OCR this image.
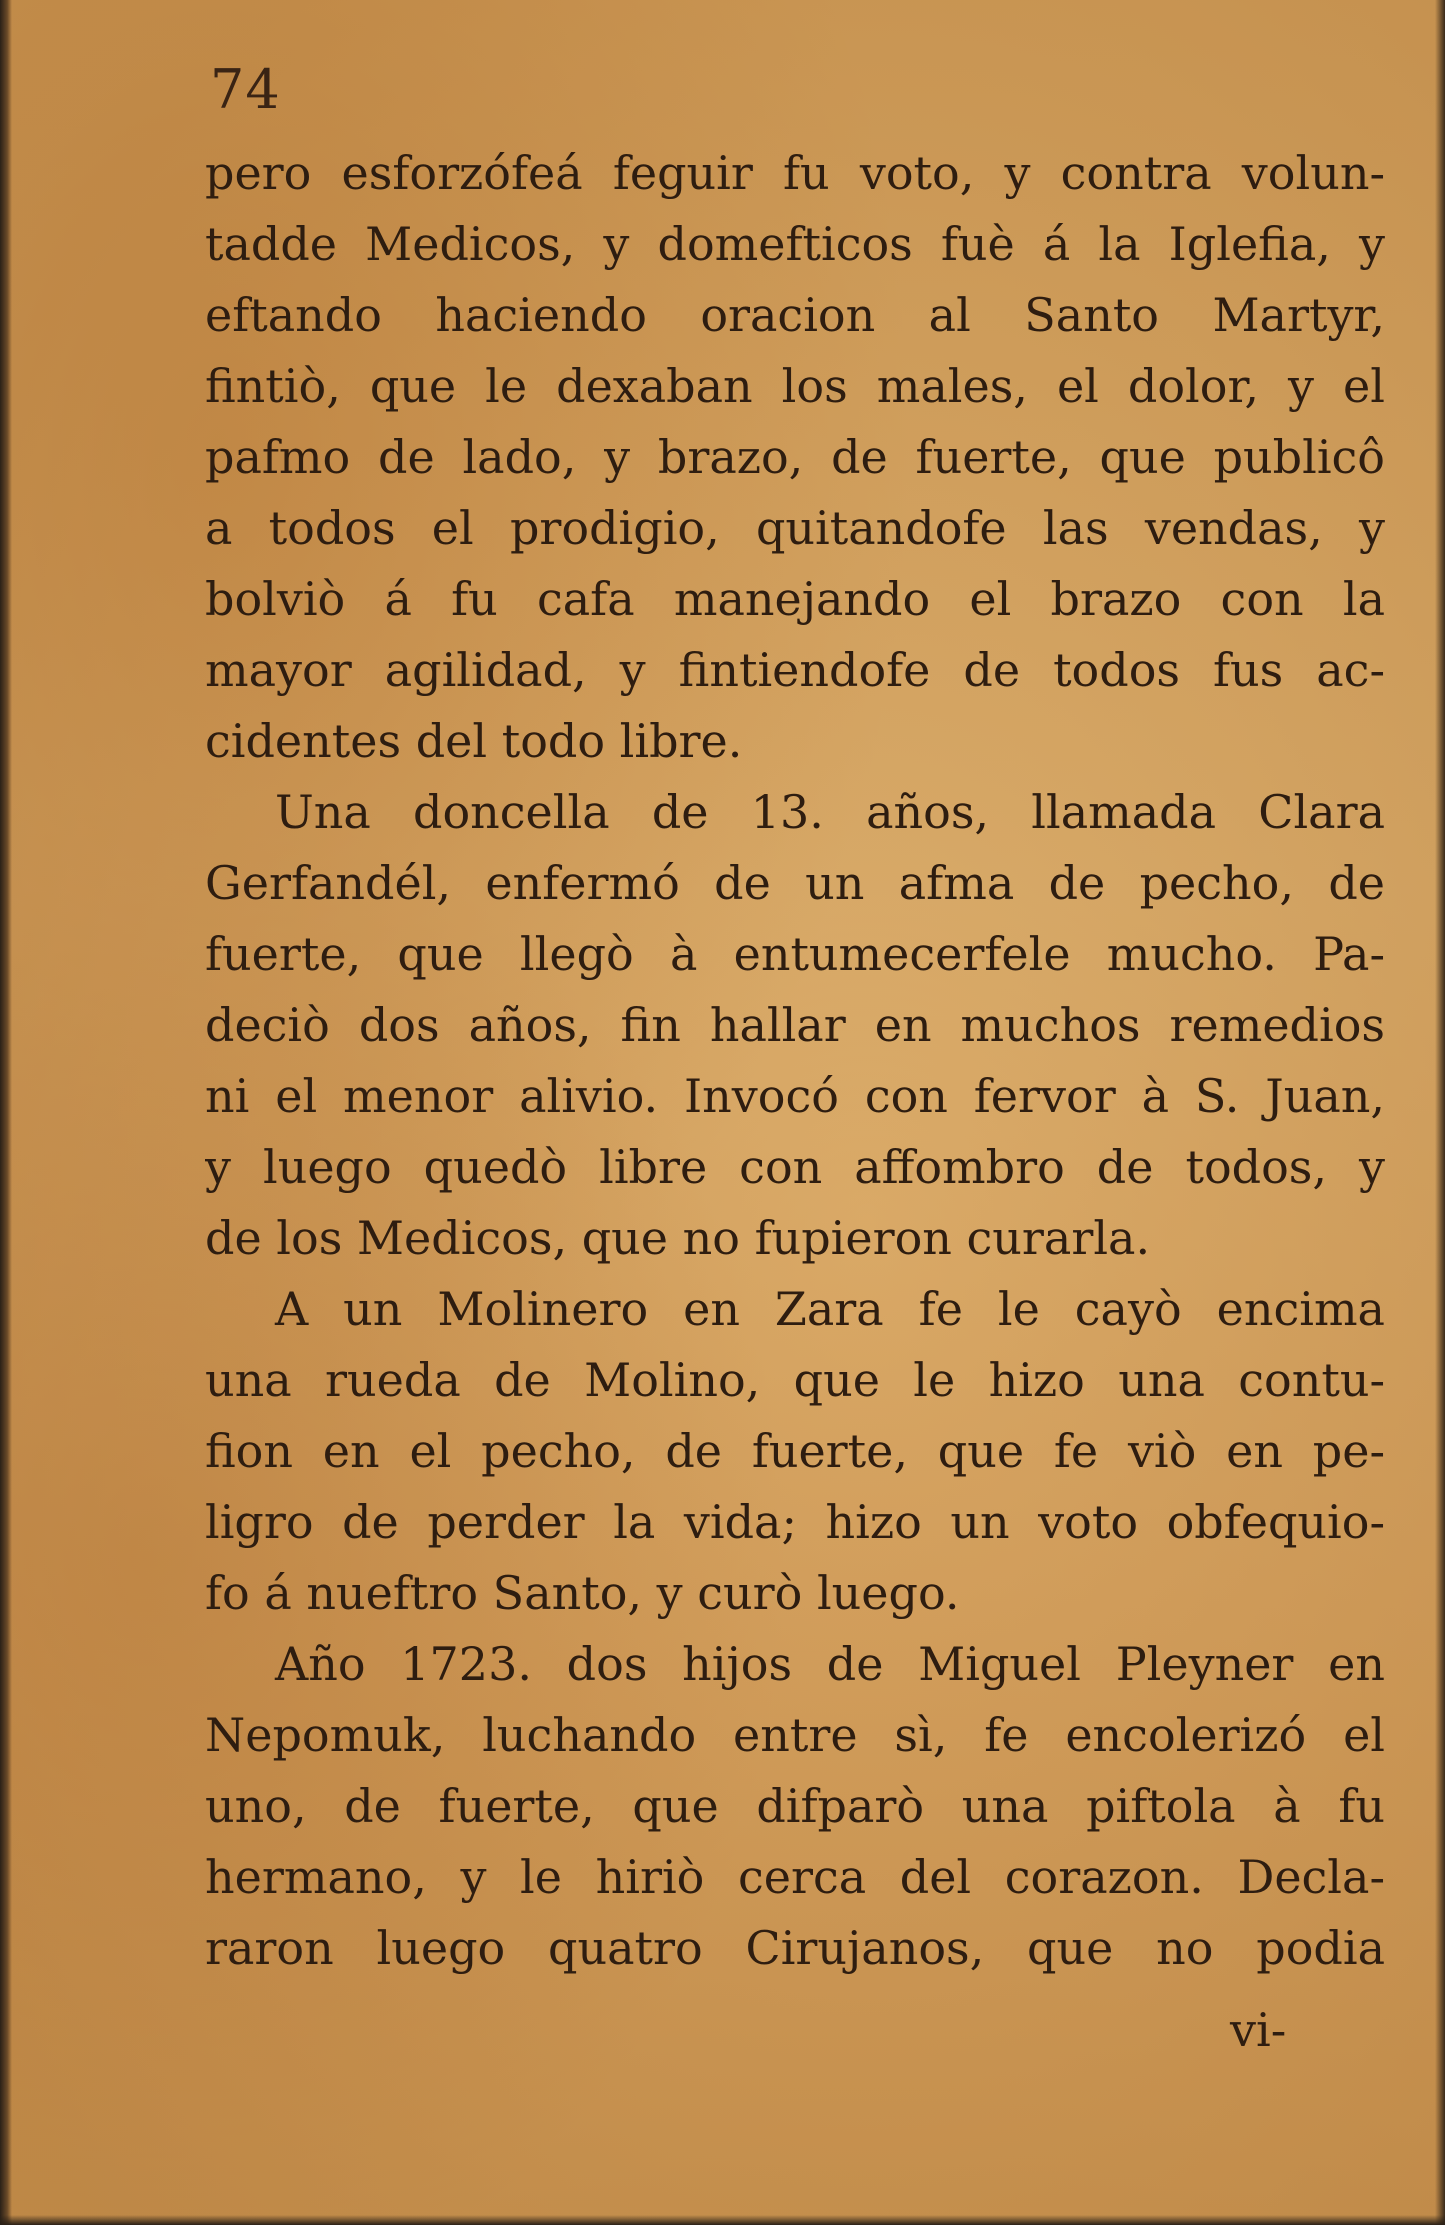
74
pero esforzófeá feguir fu voto, y contra volun-
tadde Medicos, y domefticos fuè á la Iglefia, y
eftando haciendo oracion al Santo Martyr,
fintiò, que le dexaban los males, el dolor, y el
pafmo de lado, y brazo, de fuerte, que publicô
a todos el prodigio, quitandofe las vendas, y
bolviò á fu cafa manejando el brazo con la
mayor agilidad, y fintiendofe de todos fus ac-
cidentes del todo libre.
Una doncella de 13. años, llamada Clara
Gerfandél, enfermó de un afma de pecho, de
fuerte, que llegò à entumecerfele mucho. Pa-
deciò dos años, fin hallar en muchos remedios
ni el menor alivio. Invocó con fervor à S. Juan,
y luego quedò libre con affombro de todos, y
de los Medicos, que no fupieron curarla.
A un Molinero en Zara fe le cayò encima
una rueda de Molino, que le hizo una contu-
fion en el pecho, de fuerte, que fe viò en pe-
ligro de perder la vida; hizo un voto obfequio-
fo á nueftro Santo, y curò luego.
Año 1723. dos hijos de Miguel Pleyner en
Nepomuk, luchando entre sì, fe encolerizó el
uno, de fuerte, que difparò una piftola à fu
hermano, y le hiriò cerca del corazon. Decla-
raron luego quatro Cirujanos, que no podia
vi-
